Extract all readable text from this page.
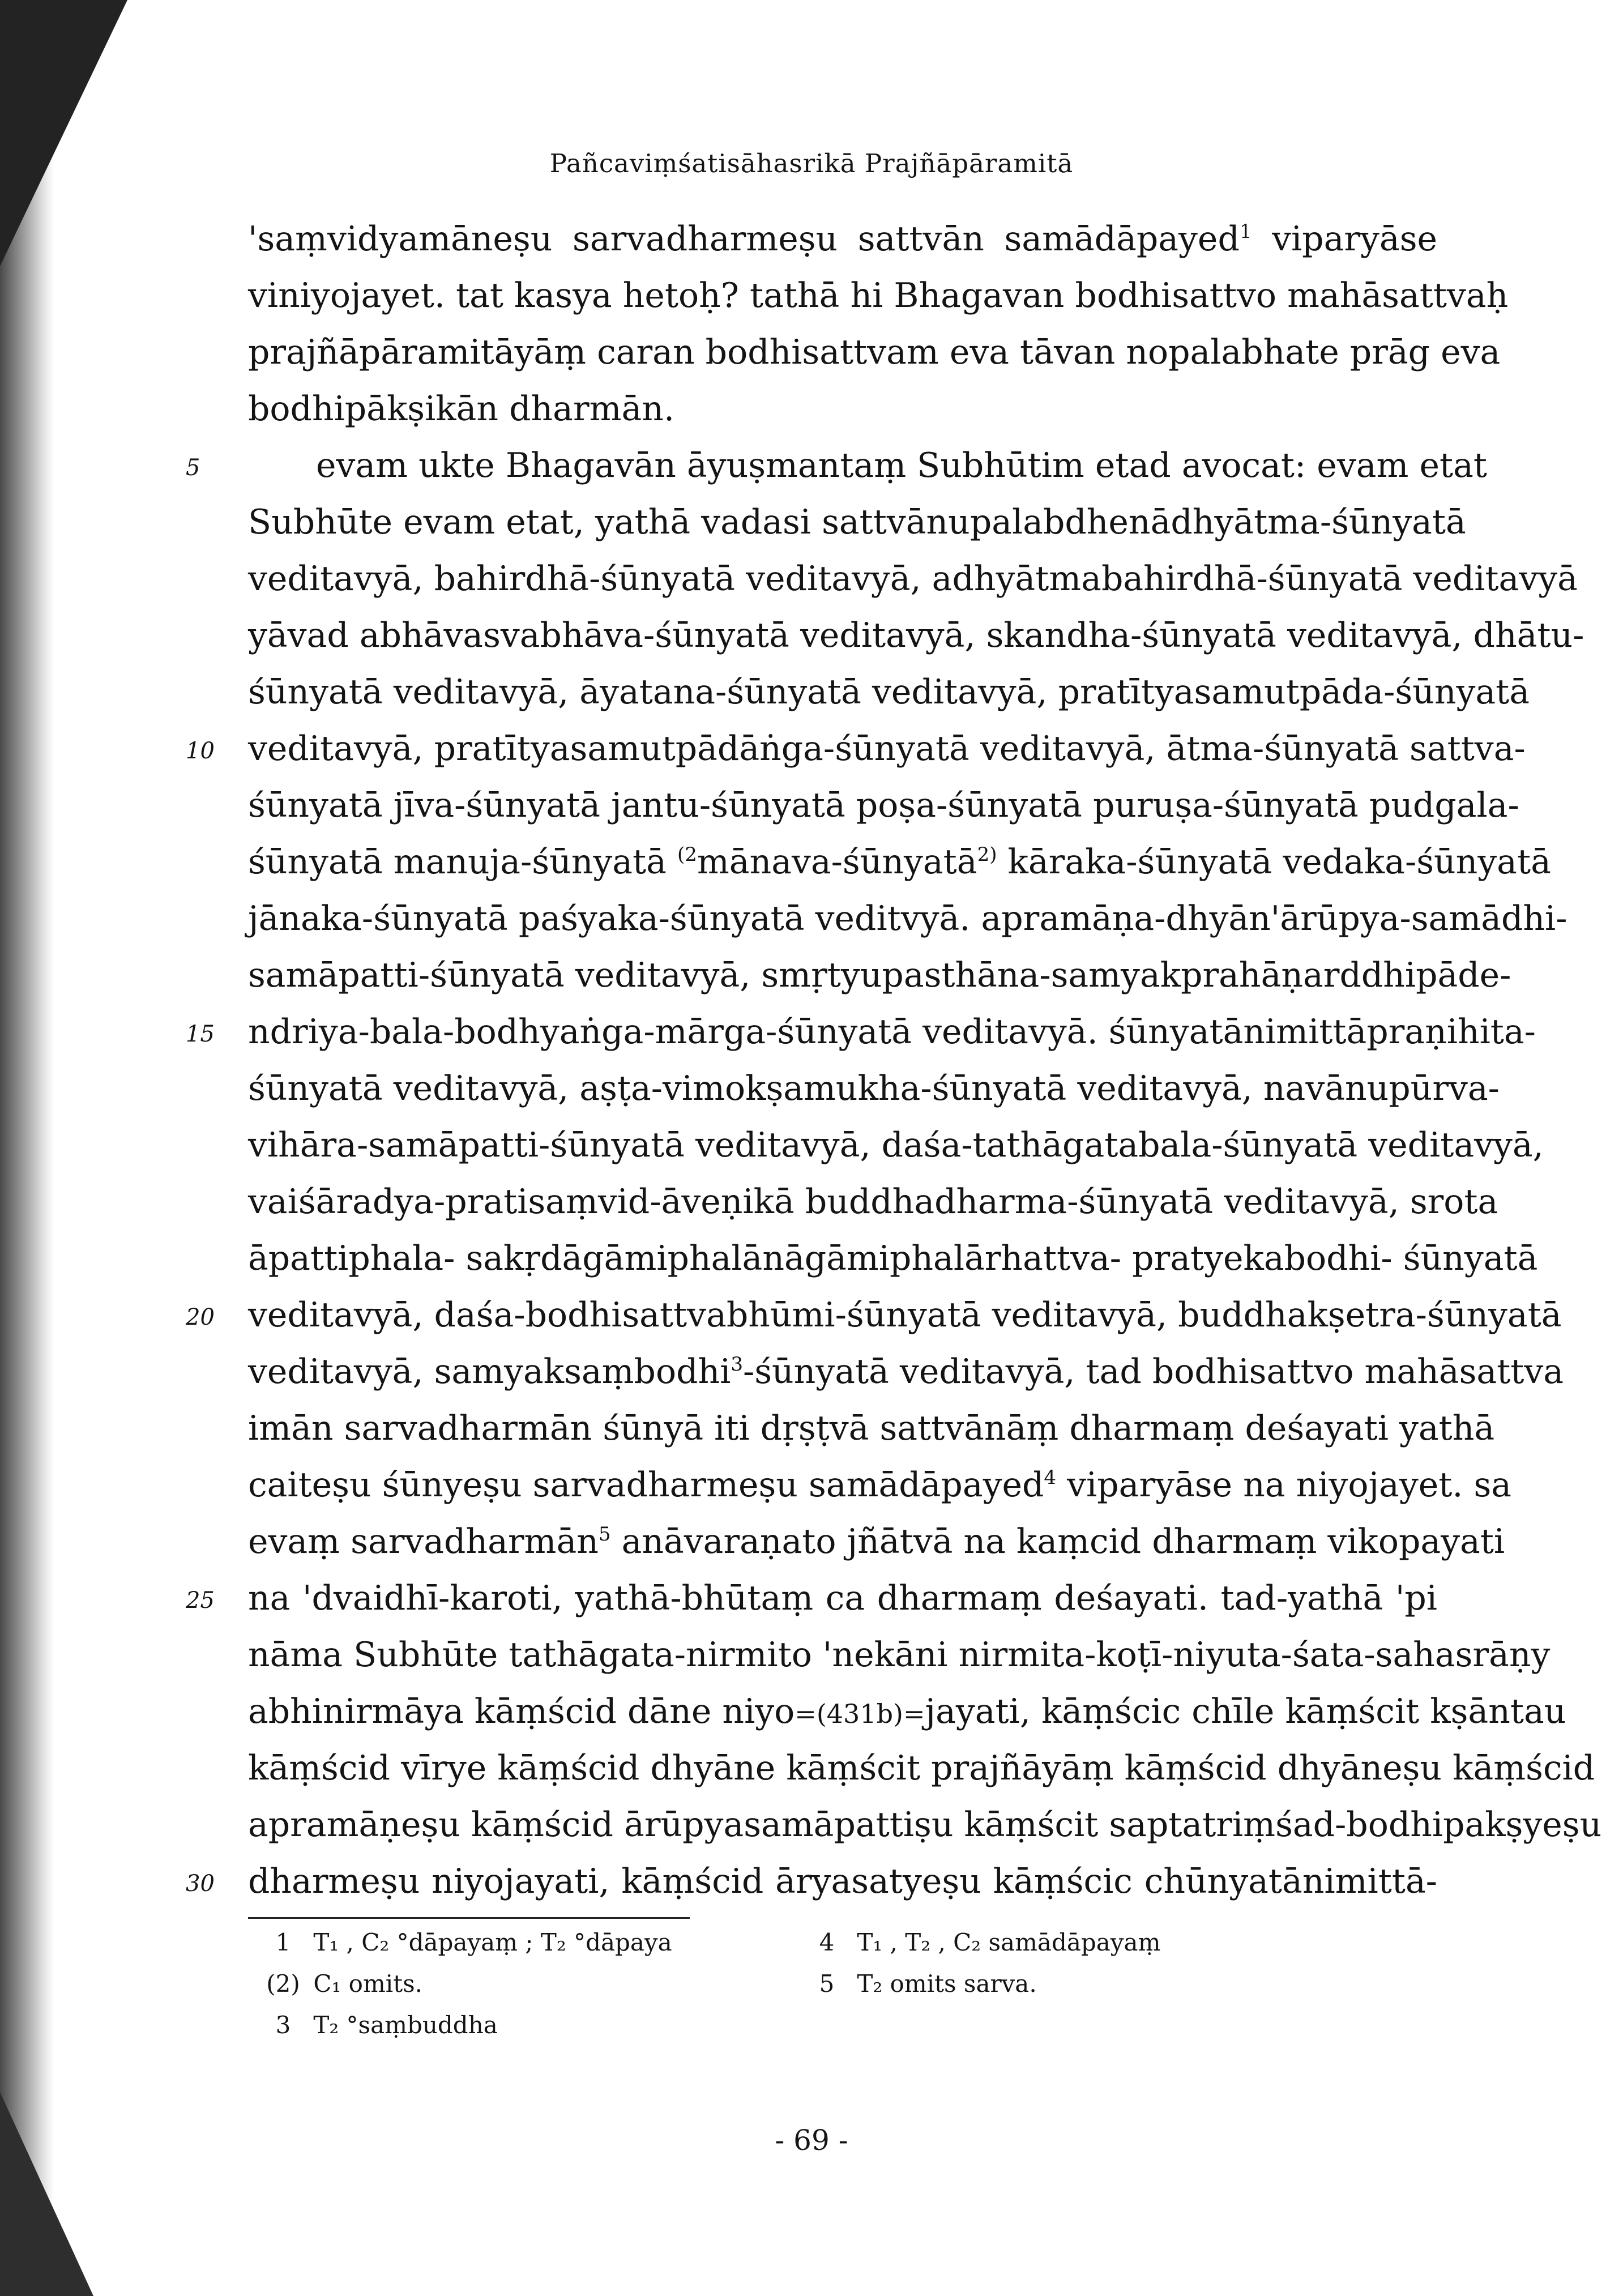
Pañcaviṃśatisāhasrikā Prajñāpāramitā
'saṃvidyamāneṣu sarvadharmeṣu sattvān samādāpayed$^1$ viparyāse
viniyojayet. tat kasya hetoḥ? tathā hi Bhagavan bodhisattvo mahāsattvaḥ
prajñāpāramitāyāṃ caran bodhisattvam eva tāvan nopalabhate prāg eva
bodhipākṣikān dharmān.
5	evam ukte Bhagavān āyuṣmantaṃ Subhūtim etad avocat: evam etat
Subhūte evam etat, yathā vadasi sattvānupalabdhenādhyātma-śūnyatā
veditavyā, bahirdhā-śūnyatā veditavyā, adhyātmabahirdhā-śūnyatā veditavyā
yāvad abhāvasvabhāva-śūnyatā veditavyā, skandha-śūnyatā veditavyā, dhātu-
śūnyatā veditavyā, āyatana-śūnyatā veditavyā, pratītyasamutpāda-śūnyatā
10 veditavyā, pratītyasamutpādāṅga-śūnyatā veditavyā, ātma-śūnyatā sattva-
śūnyatā jīva-śūnyatā jantu-śūnyatā poṣa-śūnyatā puruṣa-śūnyatā pudgala-
śūnyatā manuja-śūnyatā $^{(2}$mānava-śūnyatā$^{2)}$ kāraka-śūnyatā vedaka-śūnyatā
jānaka-śūnyatā paśyaka-śūnyatā veditvyā. apramāṇa-dhyān'ārūpya-samādhi-
samāpatti-śūnyatā veditavyā, smṛtyupasthāna-samyakprahāṇarddhipāde-
15 ndriya-bala-bodhyaṅga-mārga-śūnyatā veditavyā. śūnyatānimittāpraṇihita-
śūnyatā veditavyā, aṣṭa-vimokṣamukha-śūnyatā veditavyā, navānupūrva-
vihāra-samāpatti-śūnyatā veditavyā, daśa-tathāgatabala-śūnyatā veditavyā,
vaiśāradya-pratisaṃvid-āveṇikā buddhadharma-śūnyatā veditavyā, srota
āpattiphala- sakṛdāgāmiphalānāgāmiphalārhattva- pratyekabodhi- śūnyatā
20 veditavyā, daśa-bodhisattvabhūmi-śūnyatā veditavyā, buddhakṣetra-śūnyatā
veditavyā, samyaksaṃbodhi$^3$-śūnyatā veditavyā, tad bodhisattvo mahāsattva
imān sarvadharmān śūnyā iti dṛṣṭvā sattvānāṃ dharmaṃ deśayati yathā
caiteṣu śūnyeṣu sarvadharmeṣu samādāpayed$^4$ viparyāse na niyojayet. sa
evaṃ sarvadharmān$^5$ anāvaraṇato jñātvā na kaṃcid dharmaṃ vikopayati
25 na 'dvaidhī-karoti, yathā-bhūtaṃ ca dharmaṃ deśayati. tad-yathā 'pi
nāma Subhūte tathāgata-nirmito 'nekāni nirmita-koṭī-niyuta-śata-sahasrāṇy
abhinirmāya kāṃścid dāne niyo=(431b)=jayati, kāṃścic chīle kāṃścit kṣāntau
kāṃścid vīrye kāṃścid dhyāne kāṃścit prajñāyāṃ kāṃścid dhyāneṣu kāṃścid
apramāṇeṣu kāṃścid ārūpyasamāpattiṣu kāṃścit saptatriṃśad-bodhipakṣyeṣu
30 dharmeṣu niyojayati, kāṃścid āryasatyeṣu kāṃścic chūnyatānimittā-
1 T₁ , C₂ °dāpayaṃ ; T₂ °dāpaya
(2) C₁ omits.
3 T₂ °saṃbuddha
4 T₁ , T₂ , C₂ samādāpayaṃ
5 T₂ omits sarva.
- 69 -
